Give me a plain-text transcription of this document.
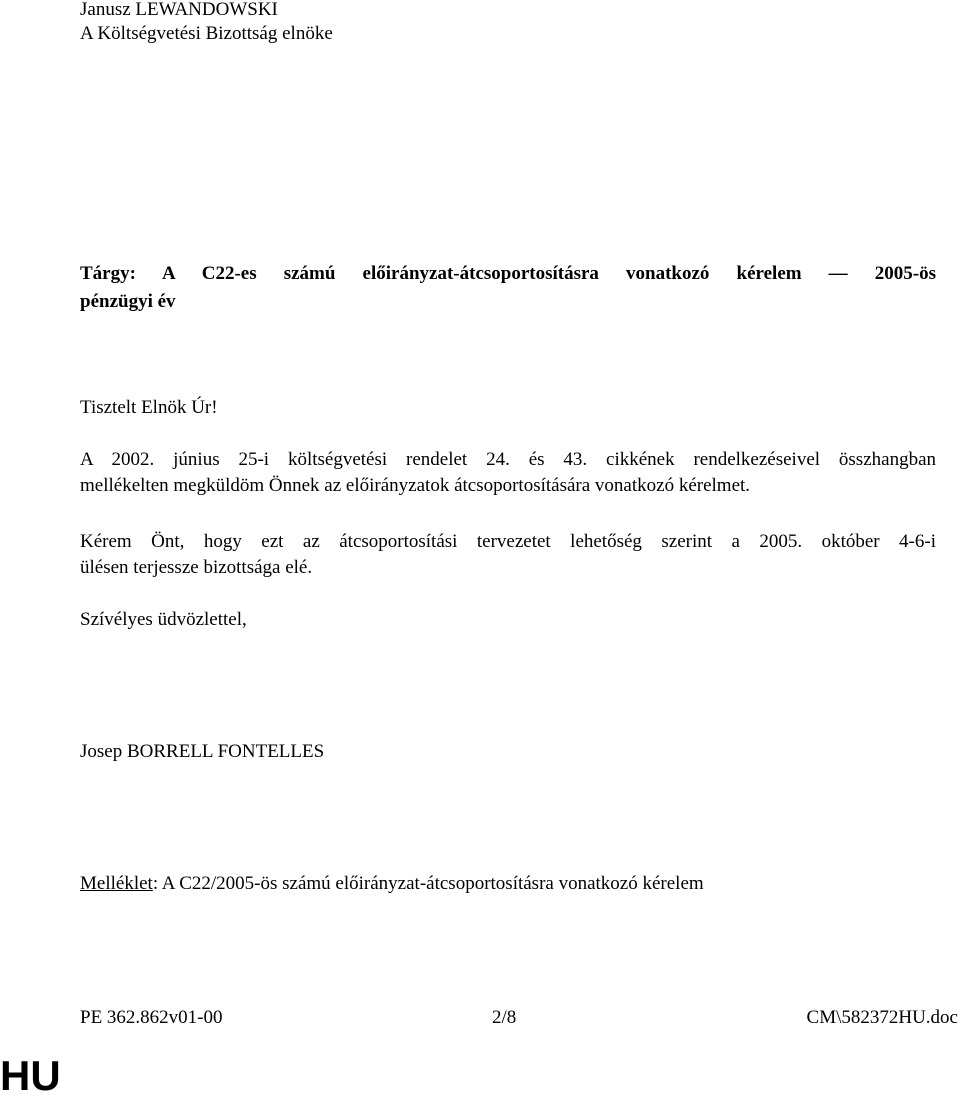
Janusz LEWANDOWSKI
A Költségvetési Bizottság elnöke
Tárgy: A C22-es számú előirányzat-átcsoportosításra vonatkozó kérelem — 2005-ös
pénzügyi év
Tisztelt Elnök Úr!
A 2002. június 25-i költségvetési rendelet 24. és 43. cikkének rendelkezéseivel összhangban
mellékelten megküldöm Önnek az előirányzatok átcsoportosítására vonatkozó kérelmet.
Kérem Önt, hogy ezt az átcsoportosítási tervezetet lehetőség szerint a 2005. október 4-6-i
ülésen terjessze bizottsága elé.
Szívélyes üdvözlettel,
Josep BORRELL FONTELLES
Melléklet: A C22/2005-ös számú előirányzat-átcsoportosításra vonatkozó kérelem
PE 362.862v01-00	2/8	CM\582372HU.doc
HU
